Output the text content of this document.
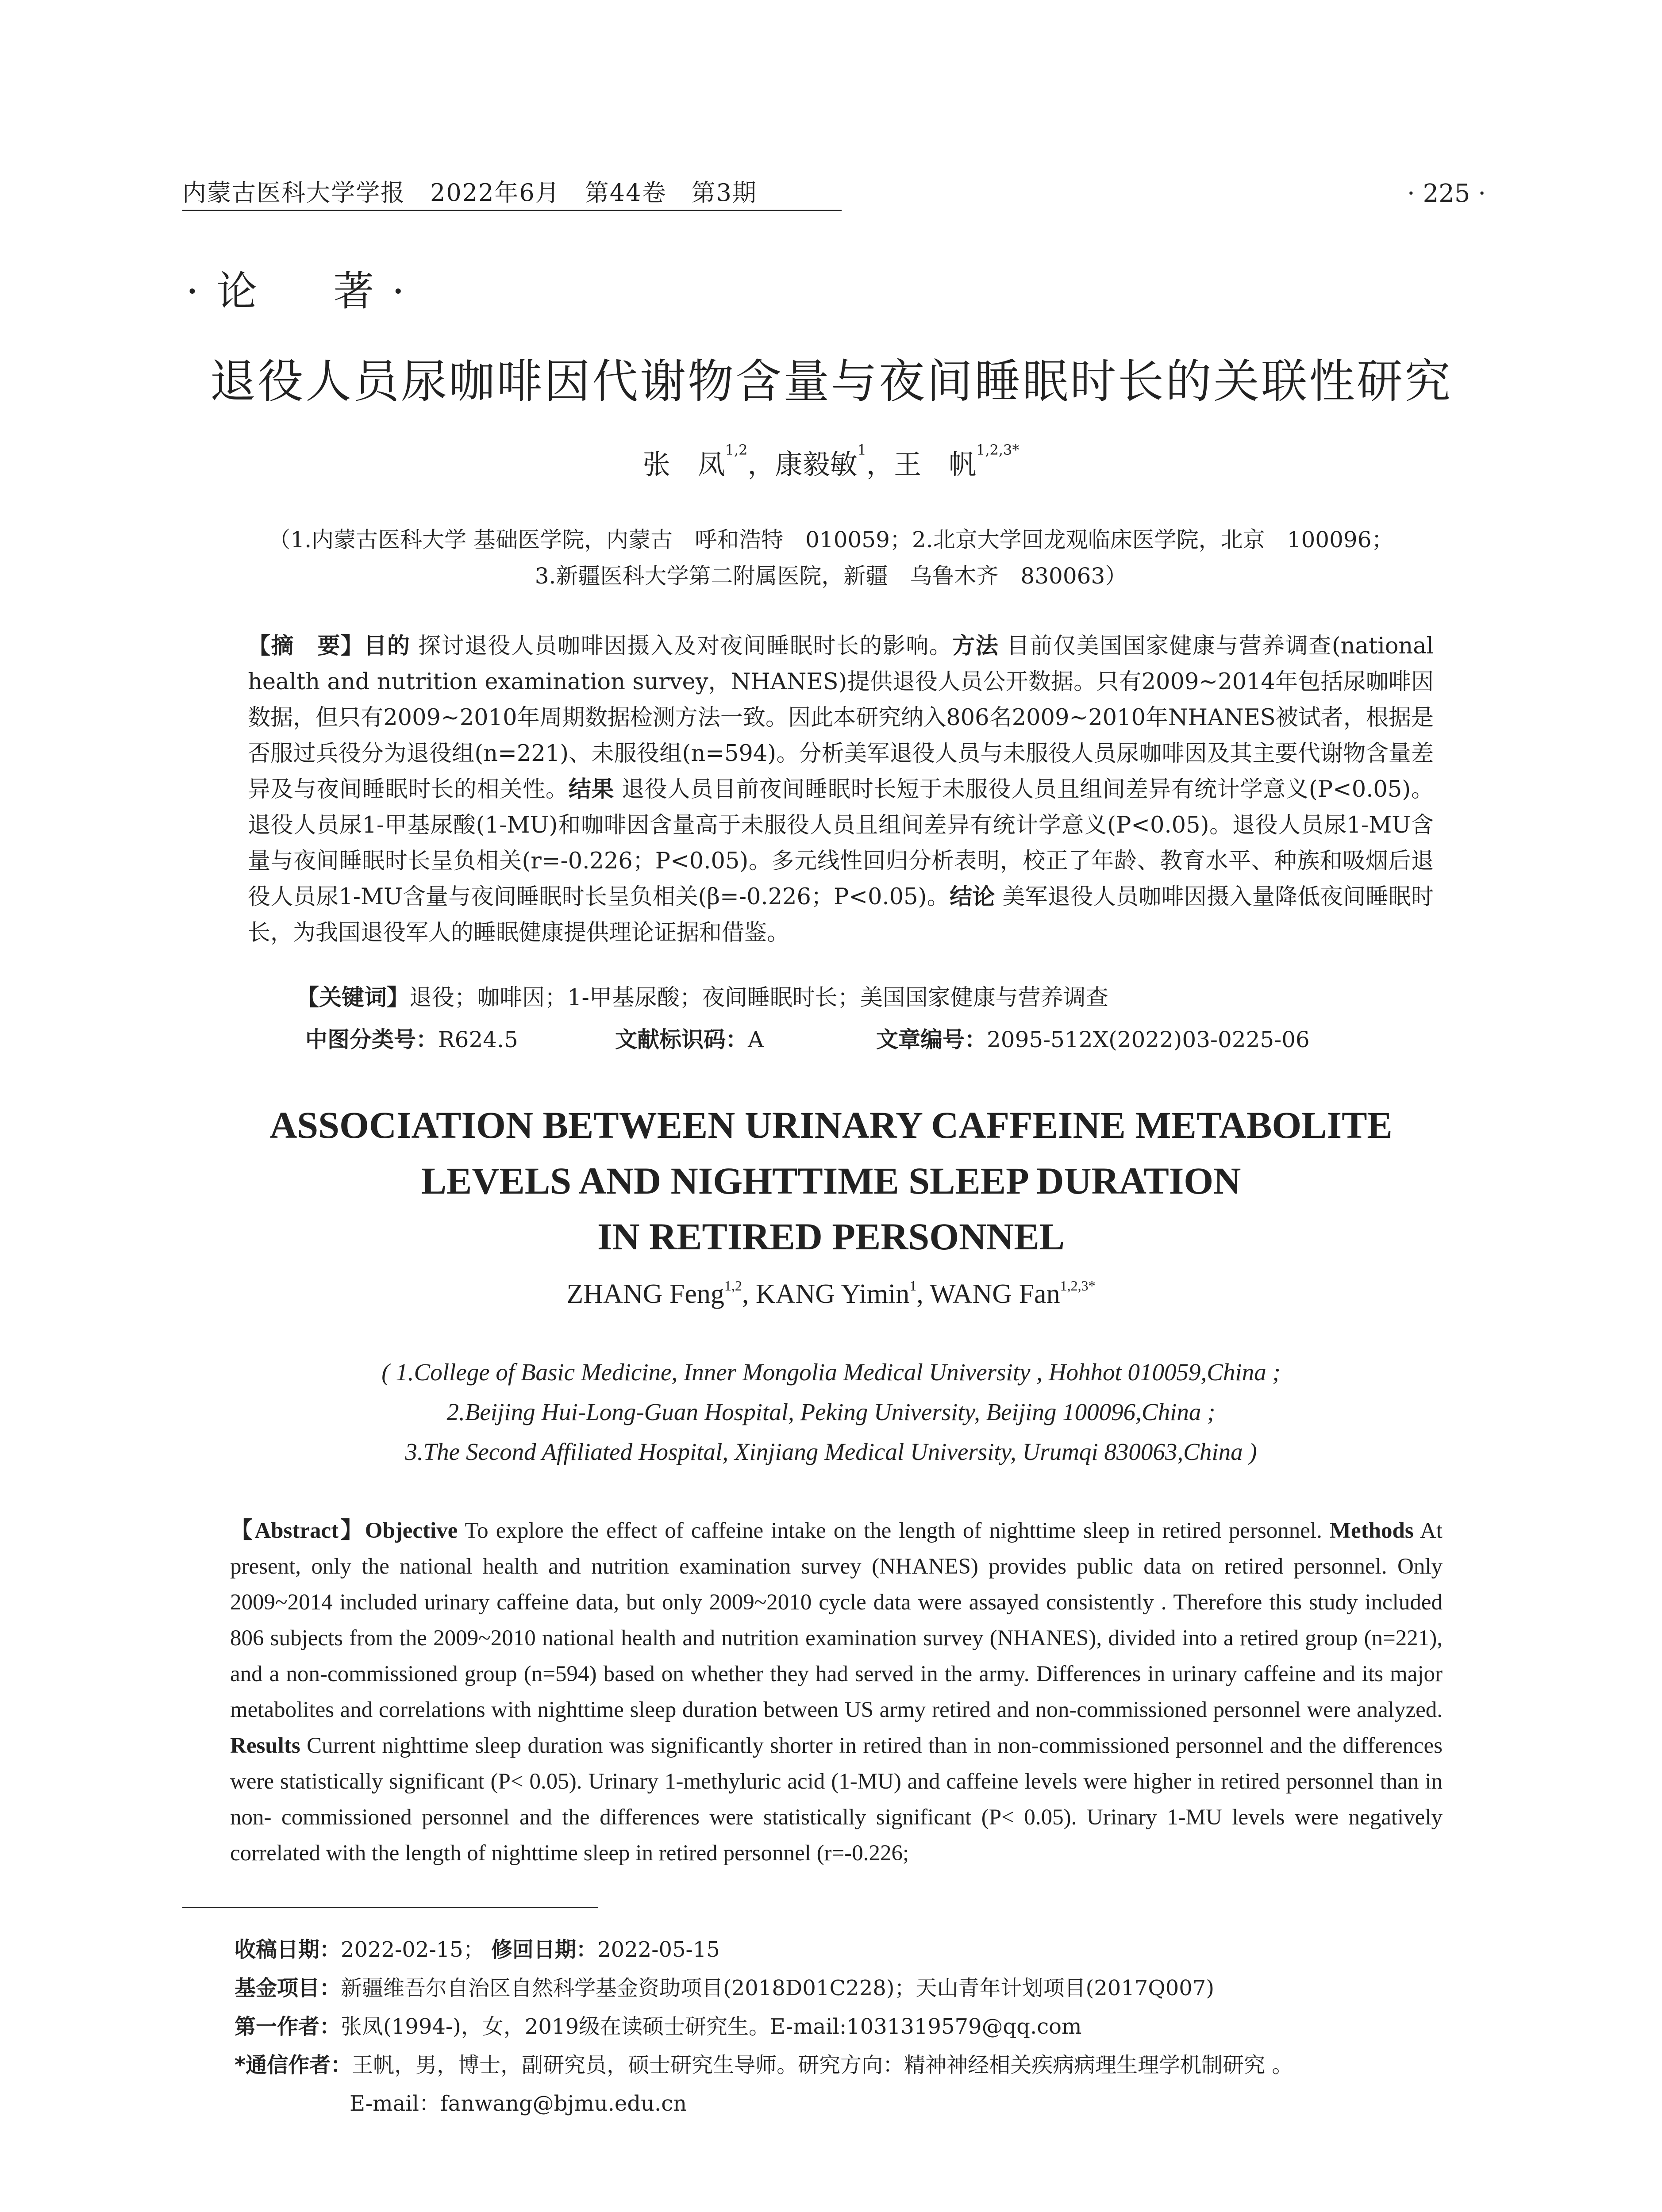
内蒙古医科大学学报　2022年6月　第44卷　第3期	· 225 ·
·论　著·
退役人员尿咖啡因代谢物含量与夜间睡眠时长的关联性研究
张　凤$^{1,2}$，康毅敏$^1$，王　帆$^{1,2,3*}$
（1.内蒙古医科大学 基础医学院，内蒙古　呼和浩特　010059；2.北京大学回龙观临床医学院，北京　100096；
3.新疆医科大学第二附属医院，新疆　乌鲁木齐　830063）
【摘　要】目的 探讨退役人员咖啡因摄入及对夜间睡眠时长的影响。方法 目前仅美国国家健康与营养调查(national health and nutrition examination survey，NHANES)提供退役人员公开数据。只有2009~2014年包括尿咖啡因数据，但只有2009~2010年周期数据检测方法一致。因此本研究纳入806名2009~2010年NHANES被试者，根据是否服过兵役分为退役组(n=221)、未服役组(n=594)。分析美军退役人员与未服役人员尿咖啡因及其主要代谢物含量差异及与夜间睡眠时长的相关性。结果 退役人员目前夜间睡眠时长短于未服役人员且组间差异有统计学意义(P<0.05)。退役人员尿1-甲基尿酸(1-MU)和咖啡因含量高于未服役人员且组间差异有统计学意义(P<0.05)。退役人员尿1-MU含量与夜间睡眠时长呈负相关(r=-0.226；P<0.05)。多元线性回归分析表明，校正了年龄、教育水平、种族和吸烟后退役人员尿1-MU含量与夜间睡眠时长呈负相关(β=-0.226；P<0.05)。结论 美军退役人员咖啡因摄入量降低夜间睡眠时长，为我国退役军人的睡眠健康提供理论证据和借鉴。
【关键词】退役；咖啡因；1-甲基尿酸；夜间睡眠时长；美国国家健康与营养调查
中图分类号：R624.5	文献标识码：A	文章编号：2095-512X(2022)03-0225-06
ASSOCIATION BETWEEN URINARY CAFFEINE METABOLITE
LEVELS AND NIGHTTIME SLEEP DURATION
IN RETIRED PERSONNEL
ZHANG Feng$^{1,2}$, KANG Yimin$^1$, WANG Fan$^{1,2,3*}$
( 1.College of Basic Medicine, Inner Mongolia Medical University , Hohhot 010059,China ;
2.Beijing Hui-Long-Guan Hospital, Peking University, Beijing 100096,China ;
3.The Second Affiliated Hospital, Xinjiang Medical University, Urumqi 830063,China )
【Abstract】Objective To explore the effect of caffeine intake on the length of nighttime sleep in retired personnel. Methods At present, only the national health and nutrition examination survey (NHANES) provides public data on retired personnel. Only 2009~2014 included urinary caffeine data, but only 2009~2010 cycle data were assayed consistently . Therefore this study included 806 subjects from the 2009~2010 national health and nutrition examination survey (NHANES), divided into a retired group (n=221), and a non-commissioned group (n=594) based on whether they had served in the army. Differences in urinary caffeine and its major metabolites and correlations with nighttime sleep duration between US army retired and non-commissioned personnel were analyzed. Results Current nighttime sleep duration was significantly shorter in retired than in non-commissioned personnel and the differences were statistically significant (P< 0.05). Urinary 1-methyluric acid (1-MU) and caffeine levels were higher in retired personnel than in non- commissioned personnel and the differences were statistically significant (P< 0.05). Urinary 1-MU levels were negatively correlated with the length of nighttime sleep in retired personnel (r=-0.226;
收稿日期：2022-02-15； 修回日期：2022-05-15
基金项目：新疆维吾尔自治区自然科学基金资助项目(2018D01C228)；天山青年计划项目(2017Q007)
第一作者：张凤(1994-)，女，2019级在读硕士研究生。E-mail:1031319579@qq.com
*通信作者：王帆，男，博士，副研究员，硕士研究生导师。研究方向：精神神经相关疾病病理生理学机制研究 。
E-mail：fanwang@bjmu.edu.cn
